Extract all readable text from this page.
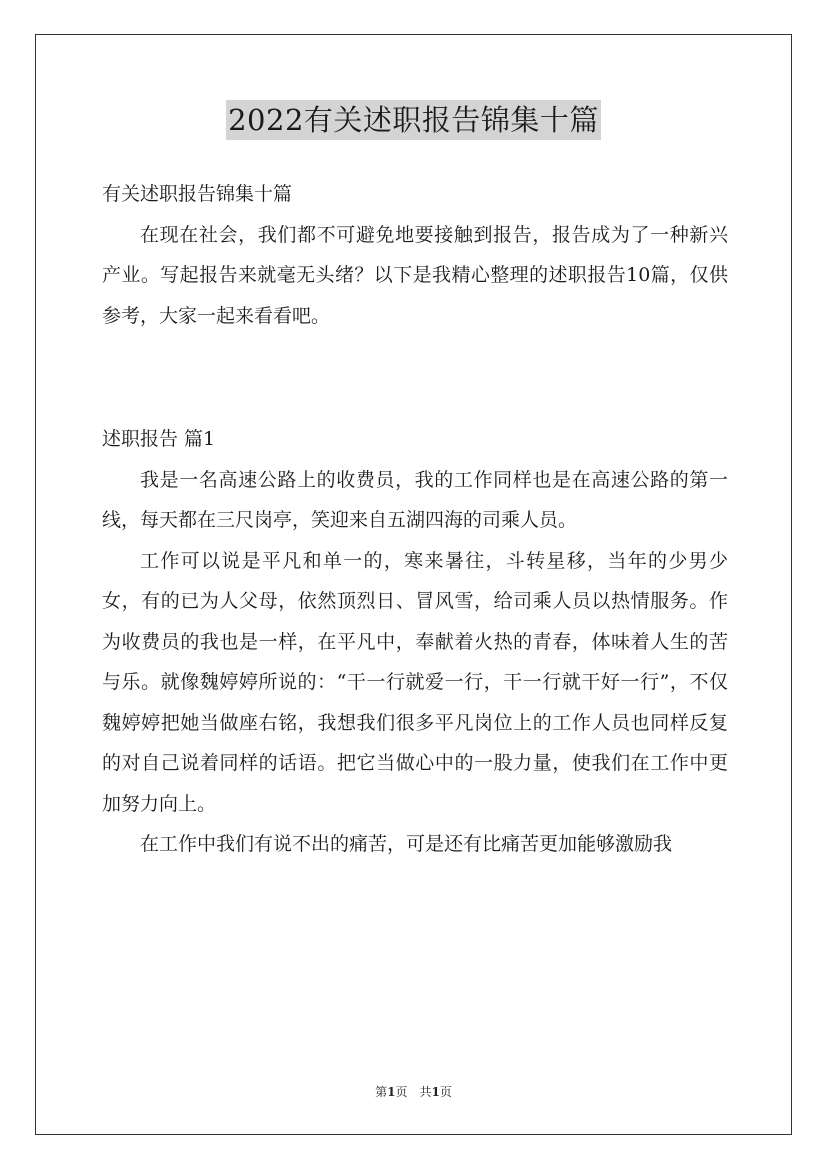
2022有关述职报告锦集十篇

有关述职报告锦集十篇

在现在社会，我们都不可避免地要接触到报告，报告成为了一种新兴产业。写起报告来就毫无头绪？以下是我精心整理的述职报告10篇，仅供参考，大家一起来看看吧。

述职报告 篇1

我是一名高速公路上的收费员，我的工作同样也是在高速公路的第一线，每天都在三尺岗亭，笑迎来自五湖四海的司乘人员。

工作可以说是平凡和单一的，寒来暑往，斗转星移，当年的少男少女，有的已为人父母，依然顶烈日、冒风雪，给司乘人员以热情服务。作为收费员的我也是一样，在平凡中，奉献着火热的青春，体味着人生的苦与乐。就像魏婷婷所说的：“干一行就爱一行，干一行就干好一行”，不仅魏婷婷把她当做座右铭，我想我们很多平凡岗位上的工作人员也同样反复的对自己说着同样的话语。把它当做心中的一股力量，使我们在工作中更加努力向上。

在工作中我们有说不出的痛苦，可是还有比痛苦更加能够激励我

第1页　共1页
